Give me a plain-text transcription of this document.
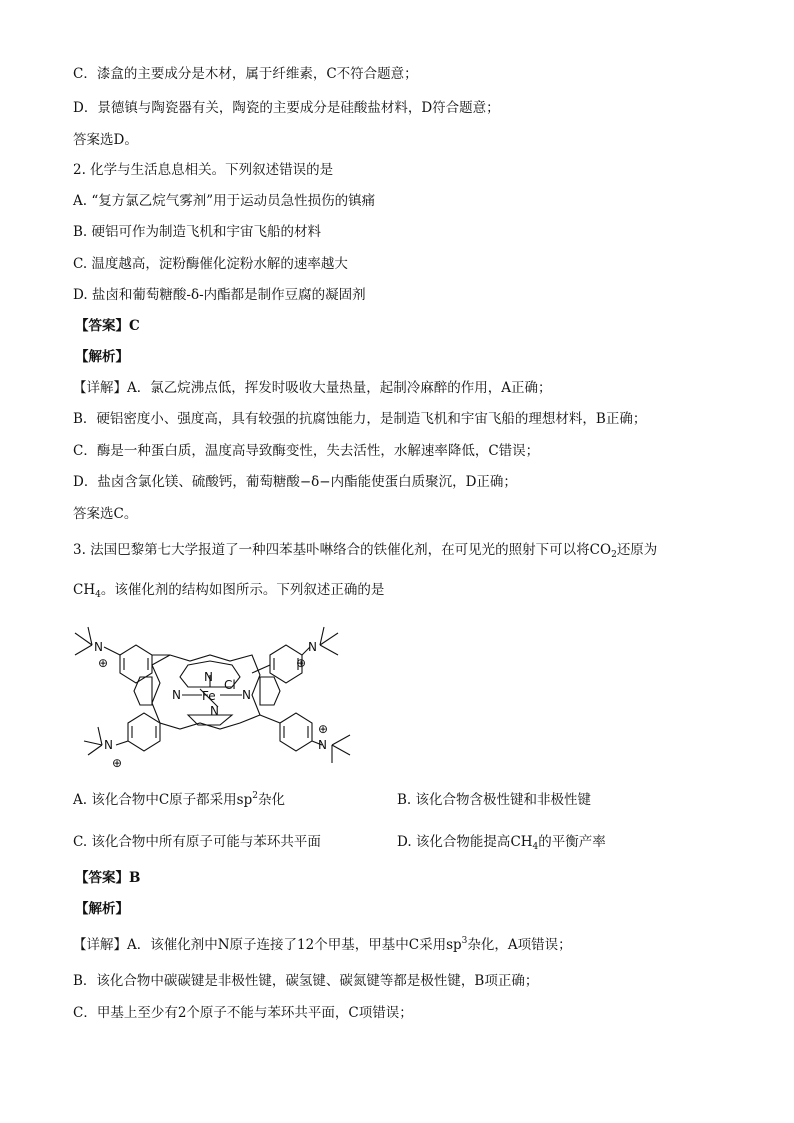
C．漆盒的主要成分是木材，属于纤维素，C不符合题意；
D．景德镇与陶瓷器有关，陶瓷的主要成分是硅酸盐材料，D符合题意；
答案选D。
2. 化学与生活息息相关。下列叙述错误的是
A. “复方氯乙烷气雾剂”用于运动员急性损伤的镇痛
B. 硬铝可作为制造飞机和宇宙飞船的材料
C. 温度越高，淀粉酶催化淀粉水解的速率越大
D. 盐卤和葡萄糖酸-δ-内酯都是制作豆腐的凝固剂
【答案】C
【解析】
【详解】A．氯乙烷沸点低，挥发时吸收大量热量，起制冷麻醉的作用，A正确；
B．硬铝密度小、强度高，具有较强的抗腐蚀能力，是制造飞机和宇宙飞船的理想材料，B正确；
C．酶是一种蛋白质，温度高导致酶变性，失去活性，水解速率降低，C错误；
D．盐卤含氯化镁、硫酸钙，葡萄糖酸−δ−内酯能使蛋白质聚沉，D正确；
答案选C。
3. 法国巴黎第七大学报道了一种四苯基卟啉络合的铁催化剂，在可见光的照射下可以将$CO_2$还原为
$CH_4$。该催化剂的结构如图所示。下列叙述正确的是
N
⊕
N
⊕
N
Cl
N Fe N
N
N
⊕
N
⊕
A. 该化合物中C原子都采用$sp^2$杂化	B. 该化合物含极性键和非极性键
C. 该化合物中所有原子可能与苯环共平面	D. 该化合物能提高$CH_4$的平衡产率
【答案】B
【解析】
【详解】A．该催化剂中N原子连接了12个甲基，甲基中C采用$sp^3$杂化，A项错误；
B．该化合物中碳碳键是非极性键，碳氢键、碳氮键等都是极性键，B项正确；
C．甲基上至少有2个原子不能与苯环共平面，C项错误；
